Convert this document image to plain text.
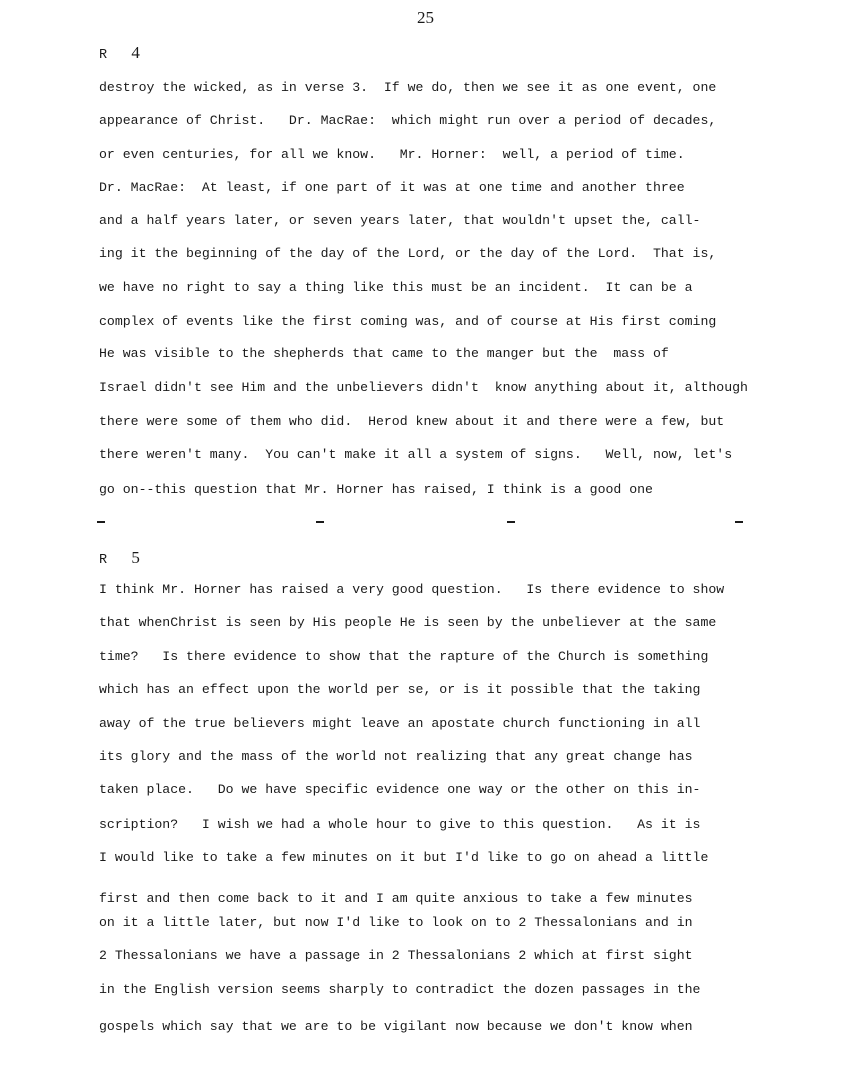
25
R 4
destroy the wicked, as in verse 3.  If we do, then we see it as one event, one
appearance of Christ.   Dr. MacRae:  which might run over a period of decades,
or even centuries, for all we know.   Mr. Horner:  well, a period of time.
Dr. MacRae:  At least, if one part of it was at one time and another three
and a half years later, or seven years later, that wouldn't upset the, call-
ing it the beginning of the day of the Lord, or the day of the Lord.  That is,
we have no right to say a thing like this must be an incident.  It can be a
complex of events like the first coming was, and of course at His first coming
He was visible to the shepherds that came to the manger but the  mass of
Israel didn't see Him and the unbelievers didn't  know anything about it, although
there were some of them who did.  Herod knew about it and there were a few, but
there weren't many.  You can't make it all a system of signs.   Well, now, let's
go on--this question that Mr. Horner has raised, I think is a good one
R 5
I think Mr. Horner has raised a very good question.   Is there evidence to show
that whenChrist is seen by His people He is seen by the unbeliever at the same
time?   Is there evidence to show that the rapture of the Church is something
which has an effect upon the world per se, or is it possible that the taking
away of the true believers might leave an apostate church functioning in all
its glory and the mass of the world not realizing that any great change has
taken place.   Do we have specific evidence one way or the other on this in-
scription?   I wish we had a whole hour to give to this question.   As it is
I would like to take a few minutes on it but I'd like to go on ahead a little
first and then come back to it and I am quite anxious to take a few minutes
on it a little later, but now I'd like to look on to 2 Thessalonians and in
2 Thessalonians we have a passage in 2 Thessalonians 2 which at first sight
in the English version seems sharply to contradict the dozen passages in the
gospels which say that we are to be vigilant now because we don't know when
